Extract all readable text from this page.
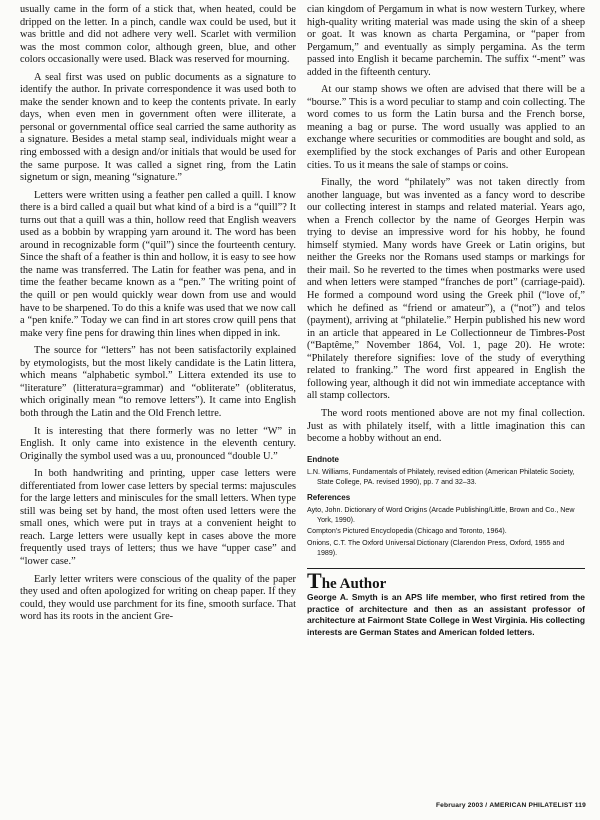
usually came in the form of a stick that, when heated, could be dripped on the letter. In a pinch, candle wax could be used, but it was brittle and did not adhere very well. Scarlet with vermilion was the most common color, although green, blue, and other colors occasionally were used. Black was reserved for mourning.

A seal first was used on public documents as a signature to identify the author. In private correspondence it was used both to make the sender known and to keep the contents private. In early days, when even men in government often were illiterate, a personal or governmental office seal carried the same authority as a signature. Besides a metal stamp seal, individuals might wear a ring embossed with a design and/or initials that would be used for the same purpose. It was called a signet ring, from the Latin signetum or sign, meaning “signature.”

Letters were written using a feather pen called a quill. I know there is a bird called a quail but what kind of a bird is a “quill”? It turns out that a quill was a thin, hollow reed that English weavers used as a bobbin by wrapping yarn around it. The word has been around in recognizable form (“quil”) since the fourteenth century. Since the shaft of a feather is thin and hollow, it is easy to see how the name was transferred. The Latin for feather was pena, and in time the feather became known as a “pen.” The writing point of the quill or pen would quickly wear down from use and would have to be sharpened. To do this a knife was used that we now call a “pen knife.” Today we can find in art stores crow quill pens that make very fine pens for drawing thin lines when dipped in ink.

The source for “letters” has not been satisfactorily explained by etymologists, but the most likely candidate is the Latin littera, which means “alphabetic symbol.” Littera extended its use to “literature” (litteratura=grammar) and “obliterate” (obliteratus, which originally mean “to remove letters”). It came into English both through the Latin and the Old French lettre.

It is interesting that there formerly was no letter “W” in English. It only came into existence in the eleventh century. Originally the symbol used was a uu, pronounced “double U.”

In both handwriting and printing, upper case letters were differentiated from lower case letters by special terms: majuscules for the large letters and miniscules for the small letters. When type still was being set by hand, the most often used letters were the small ones, which were put in trays at a convenient height to reach. Large letters were usually kept in cases above the more frequently used trays of letters; thus we have “upper case” and “lower case.”

Early letter writers were conscious of the quality of the paper they used and often apologized for writing on cheap paper. If they could, they would use parchment for its fine, smooth surface. That word has its roots in the ancient Gre-

cian kingdom of Pergamum in what is now western Turkey, where high-quality writing material was made using the skin of a sheep or goat. It was known as charta Pergamina, or “paper from Pergamum,” and eventually as simply pergamina. As the term passed into English it became parchemin. The suffix “-ment” was added in the fifteenth century.

At our stamp shows we often are advised that there will be a “bourse.” This is a word peculiar to stamp and coin collecting. The word comes to us form the Latin bursa and the French borse, meaning a bag or purse. The word usually was applied to an exchange where securities or commodities are bought and sold, as exemplified by the stock exchanges of Paris and other European cities. To us it means the sale of stamps or coins.

Finally, the word “philately” was not taken directly from another language, but was invented as a fancy word to describe our collecting interest in stamps and related material. Years ago, when a French collector by the name of Georges Herpin was trying to devise an impressive word for his hobby, he found himself stymied. Many words have Greek or Latin origins, but neither the Greeks nor the Romans used stamps or markings for their mail. So he reverted to the times when postmarks were used and when letters were stamped “franches de port” (carriage-paid). He formed a compound word using the Greek phil (“love of,” which he defined as “friend or amateur”), a (“not”) and telos (payment), arriving at “philatelie.” Herpin published his new word in an article that appeared in Le Collectionneur de Timbres-Post (“Baptême,” November 1864, Vol. 1, page 20). He wrote: “Philately therefore signifies: love of the study of everything related to franking.” The word first appeared in English the following year, although it did not win immediate acceptance with all stamp collectors.

The word roots mentioned above are not my final collection. Just as with philately itself, with a little imagination this can become a hobby without an end.

Endnote

L.N. Williams, Fundamentals of Philately, revised edition (American Philatelic Society, State College, PA. revised 1990), pp. 7 and 32–33.

References

Ayto, John. Dictionary of Word Origins (Arcade Publishing/Little, Brown and Co., New York, 1990).

Compton’s Pictured Encyclopedia (Chicago and Toronto, 1964).

Onions, C.T. The Oxford Universal Dictionary (Clarendon Press, Oxford, 1955 and 1989).

The Author

George A. Smyth is an APS life member, who first retired from the practice of architecture and then as an assistant professor of architecture at Fairmont State College in West Virginia. His collecting interests are German States and American folded letters.

February 2003 / AMERICAN PHILATELIST 119
